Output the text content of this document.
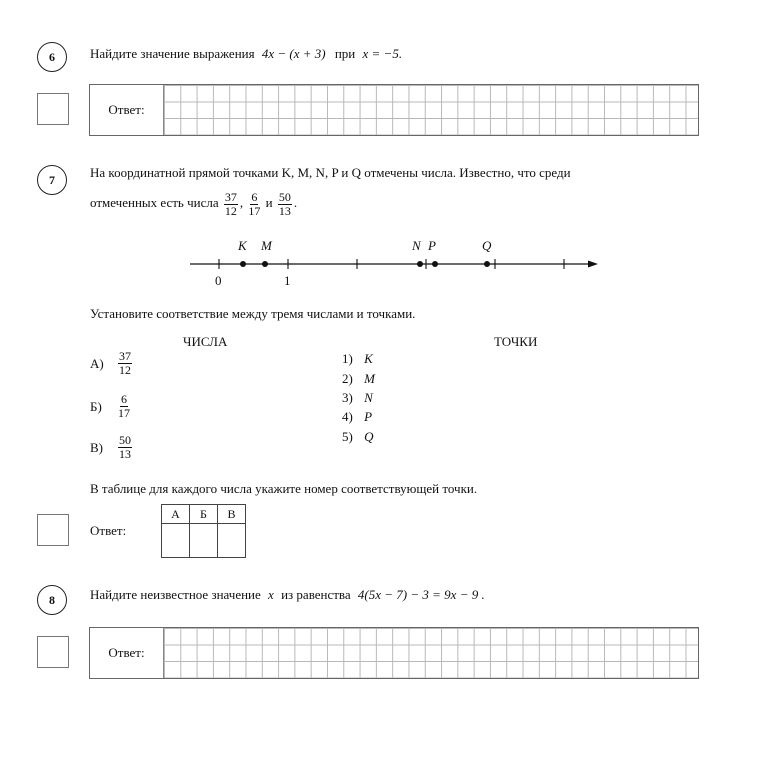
6	Найдите значение выражения 4x − (x + 3) при x = −5.
Ответ:
7	На координатной прямой точками K, M, N, P и Q отмечены числа. Известно, что среди
отмеченных есть числа $\frac{37}{12}$ , $\frac{6}{17}$ и $\frac{50}{13}$ .
K M	N P	Q
0	1
Установите соответствие между тремя числами и точками.
ЧИСЛА	ТОЧКИ
А)	$\frac{37}{12}$
Б)	$\frac{6}{17}$
В)	$\frac{50}{13}$
1) K
2) M
3) N
4) P
5) Q
В таблице для каждого числа укажите номер соответствующей точки.
Ответ:
А	Б	В

8	Найдите неизвестное значение x из равенства 4(5x − 7) − 3 = 9x − 9 .
Ответ:
